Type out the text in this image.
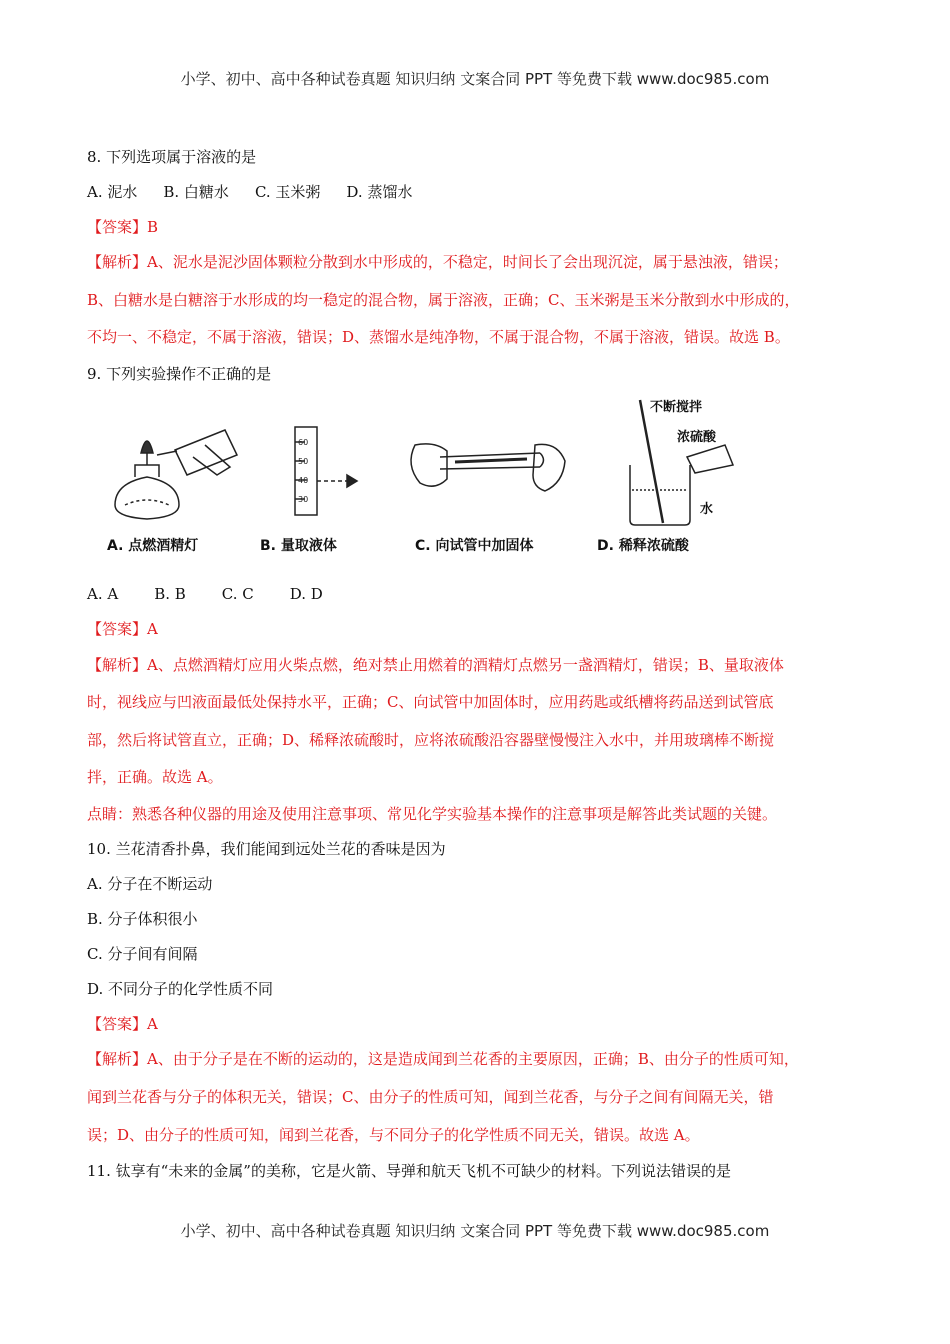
小学、初中、高中各种试卷真题 知识归纳 文案合同 PPT 等免费下载 www.doc985.com
8. 下列选项属于溶液的是
A. 泥水 B. 白糖水 C. 玉米粥 D. 蒸馏水
【答案】B
【解析】A、泥水是泥沙固体颗粒分散到水中形成的，不稳定，时间长了会出现沉淀，属于悬浊液，错误；
B、白糖水是白糖溶于水形成的均一稳定的混合物，属于溶液，正确；C、玉米粥是玉米分散到水中形成的，
不均一、不稳定，不属于溶液，错误；D、蒸馏水是纯净物，不属于混合物，不属于溶液，错误。故选 B。
9. 下列实验操作不正确的是
A. 点燃酒精灯
60
50
40
30
B. 量取液体	C. 向试管中加固体
不断搅拌
浓硫酸
水
D. 稀释浓硫酸
A. A B. B C. C D. D
【答案】A
【解析】A、点燃酒精灯应用火柴点燃，绝对禁止用燃着的酒精灯点燃另一盏酒精灯，错误；B、量取液体
时，视线应与凹液面最低处保持水平，正确；C、向试管中加固体时，应用药匙或纸槽将药品送到试管底
部，然后将试管直立，正确；D、稀释浓硫酸时，应将浓硫酸沿容器壁慢慢注入水中，并用玻璃棒不断搅
拌，正确。故选 A。
点睛：熟悉各种仪器的用途及使用注意事项、常见化学实验基本操作的注意事项是解答此类试题的关键。
10. 兰花清香扑鼻，我们能闻到远处兰花的香味是因为
A. 分子在不断运动
B. 分子体积很小
C. 分子间有间隔
D. 不同分子的化学性质不同
【答案】A
【解析】A、由于分子是在不断的运动的，这是造成闻到兰花香的主要原因，正确；B、由分子的性质可知，
闻到兰花香与分子的体积无关，错误；C、由分子的性质可知，闻到兰花香，与分子之间有间隔无关，错
误；D、由分子的性质可知，闻到兰花香，与不同分子的化学性质不同无关，错误。故选 A。
11. 钛享有“未来的金属”的美称，它是火箭、导弹和航天飞机不可缺少的材料。下列说法错误的是
小学、初中、高中各种试卷真题 知识归纳 文案合同 PPT 等免费下载 www.doc985.com
